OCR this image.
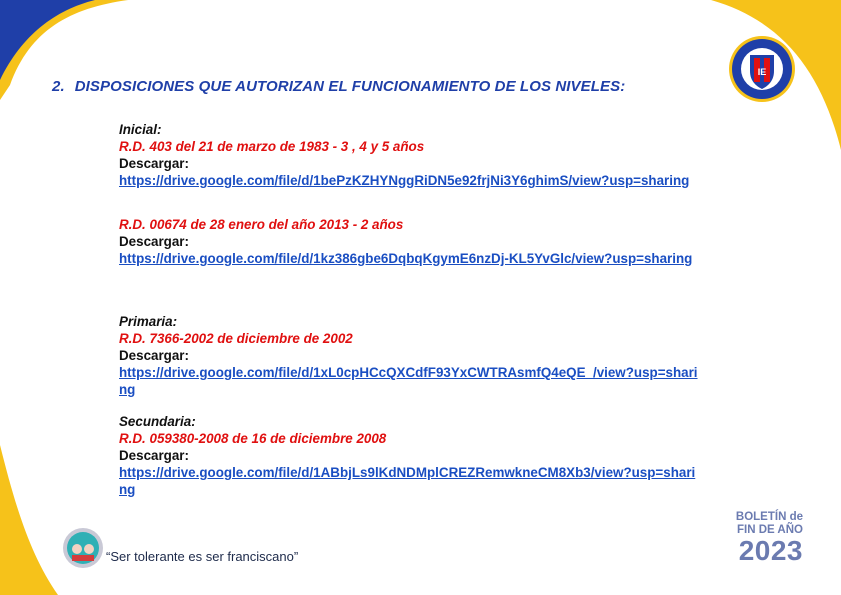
IE
2. DISPOSICIONES QUE AUTORIZAN EL FUNCIONAMIENTO DE LOS NIVELES:
Inicial:
R.D. 403 del 21 de marzo de 1983 - 3 , 4 y 5 años
Descargar:
https://drive.google.com/file/d/1bePzKZHYNggRiDN5e92frjNi3Y6ghimS/view?usp=sharing
R.D. 00674 de 28 enero del año 2013 - 2 años
Descargar:
https://drive.google.com/file/d/1kz386gbe6DqbqKgymE6nzDj-KL5YvGlc/view?usp=sharing
Primaria:
R.D. 7366-2002 de diciembre de 2002
Descargar:
https://drive.google.com/file/d/1xL0cpHCcQXCdfF93YxCWTRAsmfQ4eQE_/view?usp=sharing
Secundaria:
R.D. 059380-2008 de 16 de diciembre 2008
Descargar:
https://drive.google.com/file/d/1ABbjLs9lKdNDMplCREZRemwkneCM8Xb3/view?usp=sharing
“Ser tolerante es ser franciscano”
BOLETÍN de
FIN DE AÑO
2023
